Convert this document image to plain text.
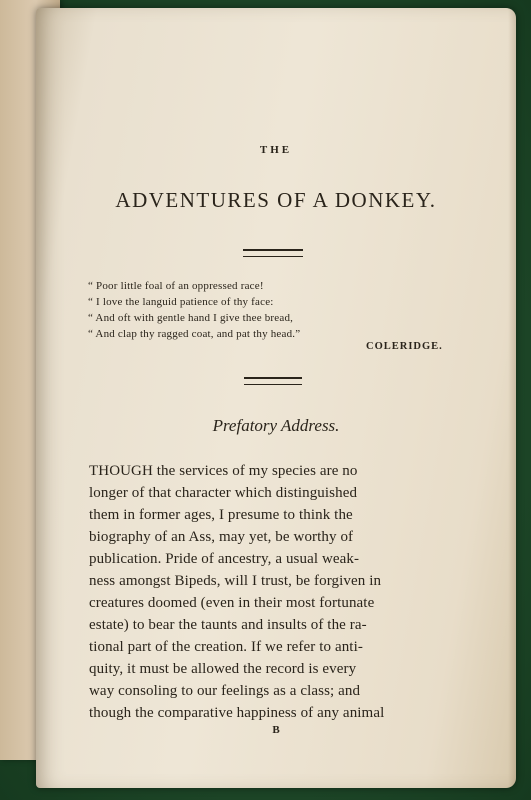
THE
ADVENTURES OF A DONKEY.
“ Poor little foal of an oppressed race!
“ I love the languid patience of thy face:
“ And oft with gentle hand I give thee bread,
“ And clap thy ragged coat, and pat thy head.”
COLERIDGE.
Prefatory Address.
THOUGH the services of my species are no
longer of that character which distinguished
them in former ages, I presume to think the
biography of an Ass, may yet, be worthy of
publication. Pride of ancestry, a usual weak-
ness amongst Bipeds, will I trust, be forgiven in
creatures doomed (even in their most fortunate
estate) to bear the taunts and insults of the ra-
tional part of the creation. If we refer to anti-
quity, it must be allowed the record is every
way consoling to our feelings as a class; and
though the comparative happiness of any animal
B
